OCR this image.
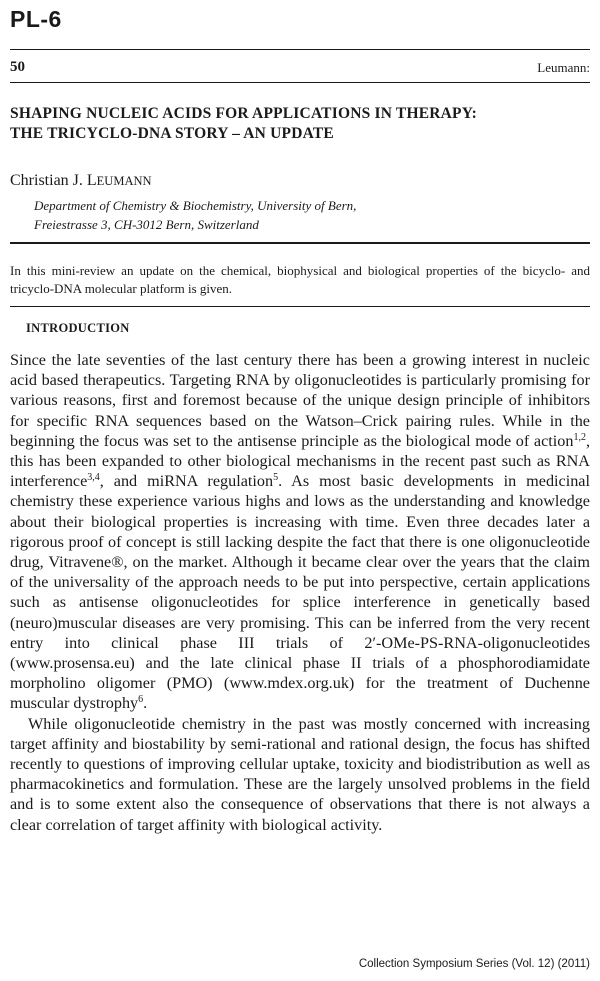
PL-6
50	Leumann:
SHAPING NUCLEIC ACIDS FOR APPLICATIONS IN THERAPY:
THE TRICYCLO-DNA STORY – AN UPDATE
Christian J. LEUMANN
Department of Chemistry & Biochemistry, University of Bern,
Freiestrasse 3, CH-3012 Bern, Switzerland

In this mini-review an update on the chemical, biophysical and biological properties of the bicyclo- and tricyclo-DNA molecular platform is given.

INTRODUCTION

Since the late seventies of the last century there has been a growing interest in nucleic acid based therapeutics. Targeting RNA by oligonucleotides is particularly promising for various reasons, first and foremost because of the unique design principle of inhibitors for specific RNA sequences based on the Watson–Crick pairing rules. While in the beginning the focus was set to the antisense principle as the biological mode of action$^{1,2}$, this has been expanded to other biological mechanisms in the recent past such as RNA interference$^{3,4}$, and miRNA regulation$^5$. As most basic developments in medicinal chemistry these experience various highs and lows as the understanding and knowledge about their biological properties is increasing with time. Even three decades later a rigorous proof of concept is still lacking despite the fact that there is one oligonucleotide drug, Vitravene®, on the market. Although it became clear over the years that the claim of the universality of the approach needs to be put into perspective, certain applications such as antisense oligonucleotides for splice interference in genetically based (neuro)muscular diseases are very promising. This can be inferred from the very recent entry into clinical phase III trials of 2′-OMe-PS-RNA-oligonucleotides (www.prosensa.eu) and the late clinical phase II trials of a phosphorodiamidate morpholino oligomer (PMO) (www.mdex.org.uk) for the treatment of Duchenne muscular dystrophy$^6$.

While oligonucleotide chemistry in the past was mostly concerned with increasing target affinity and biostability by semi-rational and rational design, the focus has shifted recently to questions of improving cellular uptake, toxicity and biodistribution as well as pharmacokinetics and formulation. These are the largely unsolved problems in the field and is to some extent also the consequence of observations that there is not always a clear correlation of target affinity with biological activity.

Collection Symposium Series (Vol. 12) (2011)
